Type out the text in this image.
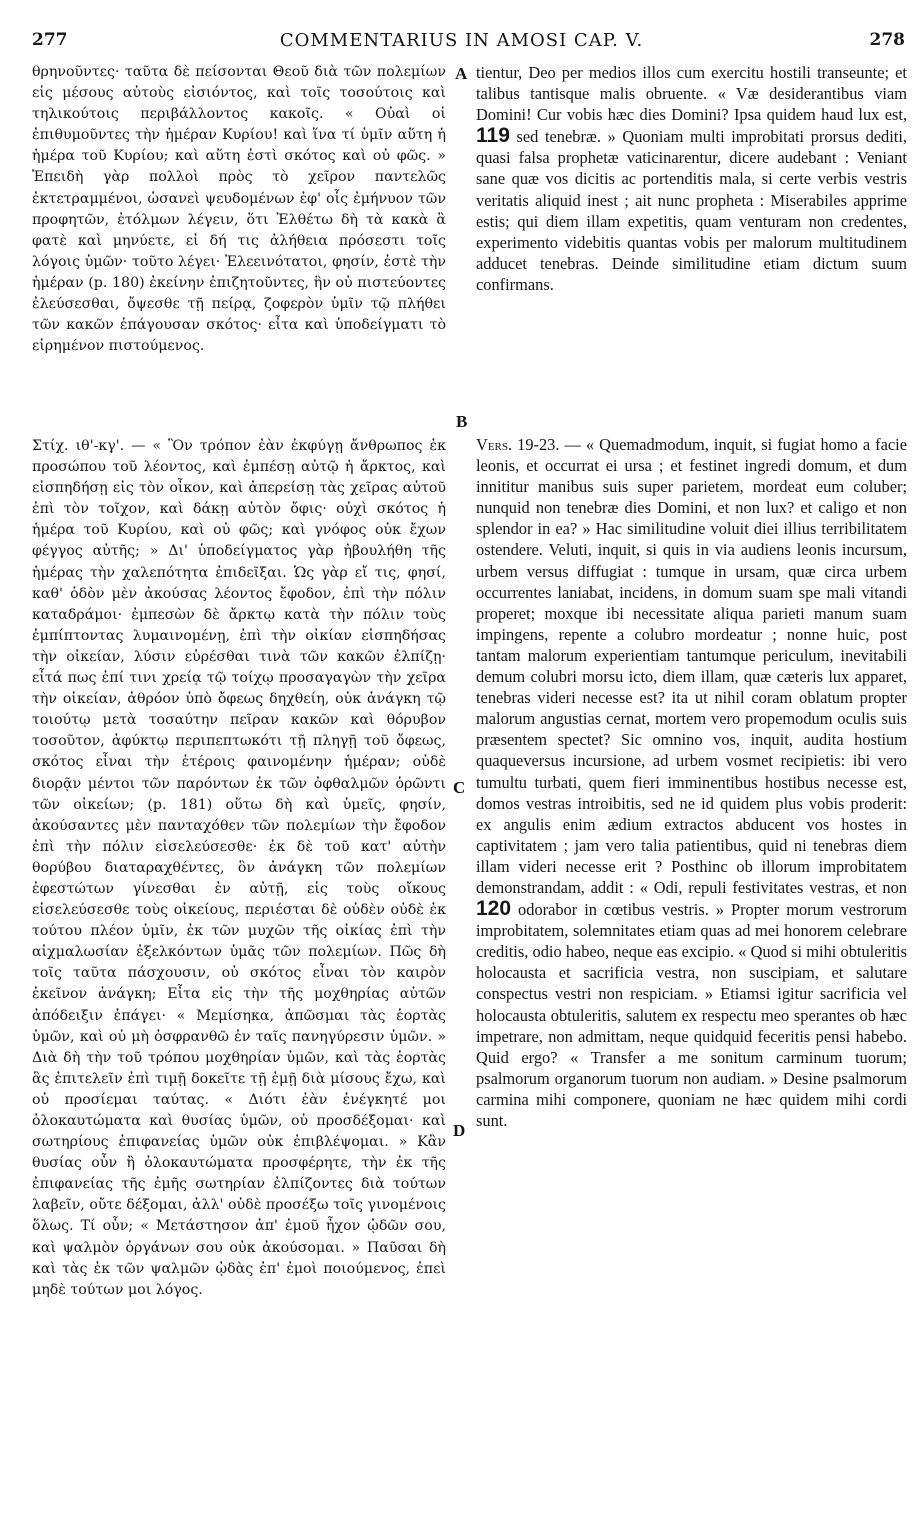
277	COMMENTARIUS IN AMOSI CAP. V.	278

θρηνοῦντες· ταῦτα δὲ πείσονται Θεοῦ διὰ τῶν πολεμίων εἰς μέσους αὐτοὺς εἰσιόντος, καὶ τοῖς τοσούτοις καὶ τηλικούτοις περιβάλλοντος κακοῖς. « Οὐαὶ οἱ ἐπιθυμοῦντες τὴν ἡμέραν Κυρίου! καὶ ἵνα τί ὑμῖν αὕτη ἡ ἡμέρα τοῦ Κυρίου; καὶ αὕτη ἐστὶ σκότος καὶ οὐ φῶς. » Ἐπειδὴ γὰρ πολλοὶ πρὸς τὸ χεῖρον παντελῶς ἐκτετραμμένοι, ὡσανεὶ ψευδομένων ἐφ' οἷς ἐμήνυον τῶν προφητῶν, ἐτόλμων λέγειν, ὅτι Ἐλθέτω δὴ τὰ κακὰ ἃ φατὲ καὶ μηνύετε, εἰ δή τις ἀλήθεια πρόσεστι τοῖς λόγοις ὑμῶν· τοῦτο λέγει· Ἐλεεινότατοι, φησίν, ἐστὲ τὴν ἡμέραν (p. 180) ἐκείνην ἐπιζητοῦντες, ἣν οὐ πιστεύοντες ἐλεύσεσθαι, ὄψεσθε τῇ πείρᾳ, ζοφερὸν ὑμῖν τῷ πλήθει τῶν κακῶν ἐπάγουσαν σκότος· εἶτα καὶ ὑποδείγματι τὸ εἰρημένον πιστούμενος.

Στίχ. ιθ'-κγ'. — « Ὃν τρόπον ἐὰν ἐκφύγῃ ἄνθρωπος ἐκ προσώπου τοῦ λέοντος, καὶ ἐμπέσῃ αὐτῷ ἡ ἄρκτος, καὶ εἰσπηδήσῃ εἰς τὸν οἶκον, καὶ ἀπερείσῃ τὰς χεῖρας αὐτοῦ ἐπὶ τὸν τοῖχον, καὶ δάκῃ αὐτὸν ὄφις· οὐχὶ σκότος ἡ ἡμέρα τοῦ Κυρίου, καὶ οὐ φῶς; καὶ γνόφος οὐκ ἔχων φέγγος αὐτῆς; » Δι' ὑποδείγματος γὰρ ἠβουλήθη τῆς ἡμέρας τὴν χαλεπότητα ἐπιδεῖξαι. Ὡς γὰρ εἴ τις, φησί, καθ' ὁδὸν μὲν ἀκούσας λέοντος ἔφοδον, ἐπὶ τὴν πόλιν καταδράμοι· ἐμπεσὼν δὲ ἄρκτῳ κατὰ τὴν πόλιν τοὺς ἐμπίπτοντας λυμαινομένῃ, ἐπὶ τὴν οἰκίαν εἰσπηδήσας τὴν οἰκείαν, λύσιν εὑρέσθαι τινὰ τῶν κακῶν ἐλπίζῃ· εἶτά πως ἐπί τινι χρείᾳ τῷ τοίχῳ προσαγαγὼν τὴν χεῖρα τὴν οἰκείαν, ἀθρόον ὑπὸ ὄφεως δηχθείη, οὐκ ἀνάγκη τῷ τοιούτῳ μετὰ τοσαύτην πεῖραν κακῶν καὶ θόρυβον τοσοῦτον, ἀφύκτῳ περιπεπτωκότι τῇ πληγῇ τοῦ ὄφεως, σκότος εἶναι τὴν ἑτέροις φαινομένην ἡμέραν; οὐδὲ διορᾷν μέντοι τῶν παρόντων ἐκ τῶν ὀφθαλμῶν ὁρῶντι τῶν οἰκείων; (p. 181) οὕτω δὴ καὶ ὑμεῖς, φησίν, ἀκούσαντες μὲν πανταχόθεν τῶν πολεμίων τὴν ἔφοδον ἐπὶ τὴν πόλιν εἰσελεύσεσθε· ἐκ δὲ τοῦ κατ' αὐτὴν θορύβου διαταραχθέντες, ὃν ἀνάγκη τῶν πολεμίων ἐφεστώτων γίνεσθαι ἐν αὐτῇ, εἰς τοὺς οἴκους εἰσελεύσεσθε τοὺς οἰκείους, περιέσται δὲ οὐδὲν οὐδὲ ἐκ τούτου πλέον ὑμῖν, ἐκ τῶν μυχῶν τῆς οἰκίας ἐπὶ τὴν αἰχμαλωσίαν ἐξελκόντων ὑμᾶς τῶν πολεμίων. Πῶς δὴ τοῖς ταῦτα πάσχουσιν, οὐ σκότος εἶναι τὸν καιρὸν ἐκεῖνον ἀνάγκη; Εἶτα εἰς τὴν τῆς μοχθηρίας αὐτῶν ἀπόδειξιν ἐπάγει· « Μεμίσηκα, ἀπῶσμαι τὰς ἑορτὰς ὑμῶν, καὶ οὐ μὴ ὀσφρανθῶ ἐν ταῖς πανηγύρεσιν ὑμῶν. » Διὰ δὴ τὴν τοῦ τρόπου μοχθηρίαν ὑμῶν, καὶ τὰς ἑορτὰς ἃς ἐπιτελεῖν ἐπὶ τιμῇ δοκεῖτε τῇ ἐμῇ διὰ μίσους ἔχω, καὶ οὐ προσίεμαι ταύτας. « Διότι ἐὰν ἐνέγκητέ μοι ὁλοκαυτώματα καὶ θυσίας ὑμῶν, οὐ προσδέξομαι· καὶ σωτηρίους ἐπιφανείας ὑμῶν οὐκ ἐπιβλέψομαι. » Κἂν θυσίας οὖν ἢ ὁλοκαυτώματα προσφέρητε, τὴν ἐκ τῆς ἐπιφανείας τῆς ἐμῆς σωτηρίαν ἐλπίζοντες διὰ τούτων λαβεῖν, οὔτε δέξομαι, ἀλλ' οὐδὲ προσέξω τοῖς γινομένοις ὅλως. Τί οὖν; « Μετάστησον ἀπ' ἐμοῦ ἦχον ᾠδῶν σου, καὶ ψαλμὸν ὀργάνων σου οὐκ ἀκούσομαι. » Παῦσαι δὴ καὶ τὰς ἐκ τῶν ψαλμῶν ᾠδὰς ἐπ' ἐμοὶ ποιούμενος, ἐπεὶ μηδὲ τούτων μοι λόγος.

A
B
C
D

tientur, Deo per medios illos cum exercitu hostili transeunte; et talibus tantisque malis obruente. « Væ desiderantibus viam Domini! Cur vobis hæc dies Domini? Ipsa quidem haud lux est, 119 sed tenebræ. » Quoniam multi improbitati prorsus dediti, quasi falsa prophetæ vaticinarentur, dicere audebant : Veniant sane quæ vos dicitis ac portenditis mala, si certe verbis vestris veritatis aliquid inest ; ait nunc propheta : Miserabiles apprime estis; qui diem illam expetitis, quam venturam non credentes, experimento videbitis quantas vobis per malorum multitudinem adducet tenebras. Deinde similitudine etiam dictum suum confirmans.

Vers. 19-23. — « Quemadmodum, inquit, si fugiat homo a facie leonis, et occurrat ei ursa ; et festinet ingredi domum, et dum innititur manibus suis super parietem, mordeat eum coluber; nunquid non tenebræ dies Domini, et non lux? et caligo et non splendor in ea? » Hac similitudine voluit diei illius terribilitatem ostendere. Veluti, inquit, si quis in via audiens leonis incursum, urbem versus diffugiat : tumque in ursam, quæ circa urbem occurrentes laniabat, incidens, in domum suam spe mali vitandi properet; moxque ibi necessitate aliqua parieti manum suam impingens, repente a colubro mordeatur ; nonne huic, post tantam malorum experientiam tantumque periculum, inevitabili demum colubri morsu icto, diem illam, quæ cæteris lux apparet, tenebras videri necesse est? ita ut nihil coram oblatum propter malorum angustias cernat, mortem vero propemodum oculis suis præsentem spectet? Sic omnino vos, inquit, audita hostium quaqueversus incursione, ad urbem vosmet recipietis: ibi vero tumultu turbati, quem fieri imminentibus hostibus necesse est, domos vestras introibitis, sed ne id quidem plus vobis proderit: ex angulis enim ædium extractos abducent vos hostes in captivitatem ; jam vero talia patientibus, quid ni tenebras diem illam videri necesse erit ? Posthinc ob illorum improbitatem demonstrandam, addit : « Odi, repuli festivitates vestras, et non 120 odorabor in cœtibus vestris. » Propter morum vestrorum improbitatem, solemnitates etiam quas ad mei honorem celebrare creditis, odio habeo, neque eas excipio. « Quod si mihi obtuleritis holocausta et sacrificia vestra, non suscipiam, et salutare conspectus vestri non respiciam. » Etiamsi igitur sacrificia vel holocausta obtuleritis, salutem ex respectu meo sperantes ob hæc impetrare, non admittam, neque quidquid feceritis pensi habebo. Quid ergo? « Transfer a me sonitum carminum tuorum; psalmorum organorum tuorum non audiam. » Desine psalmorum carmina mihi componere, quoniam ne hæc quidem mihi cordi sunt.
